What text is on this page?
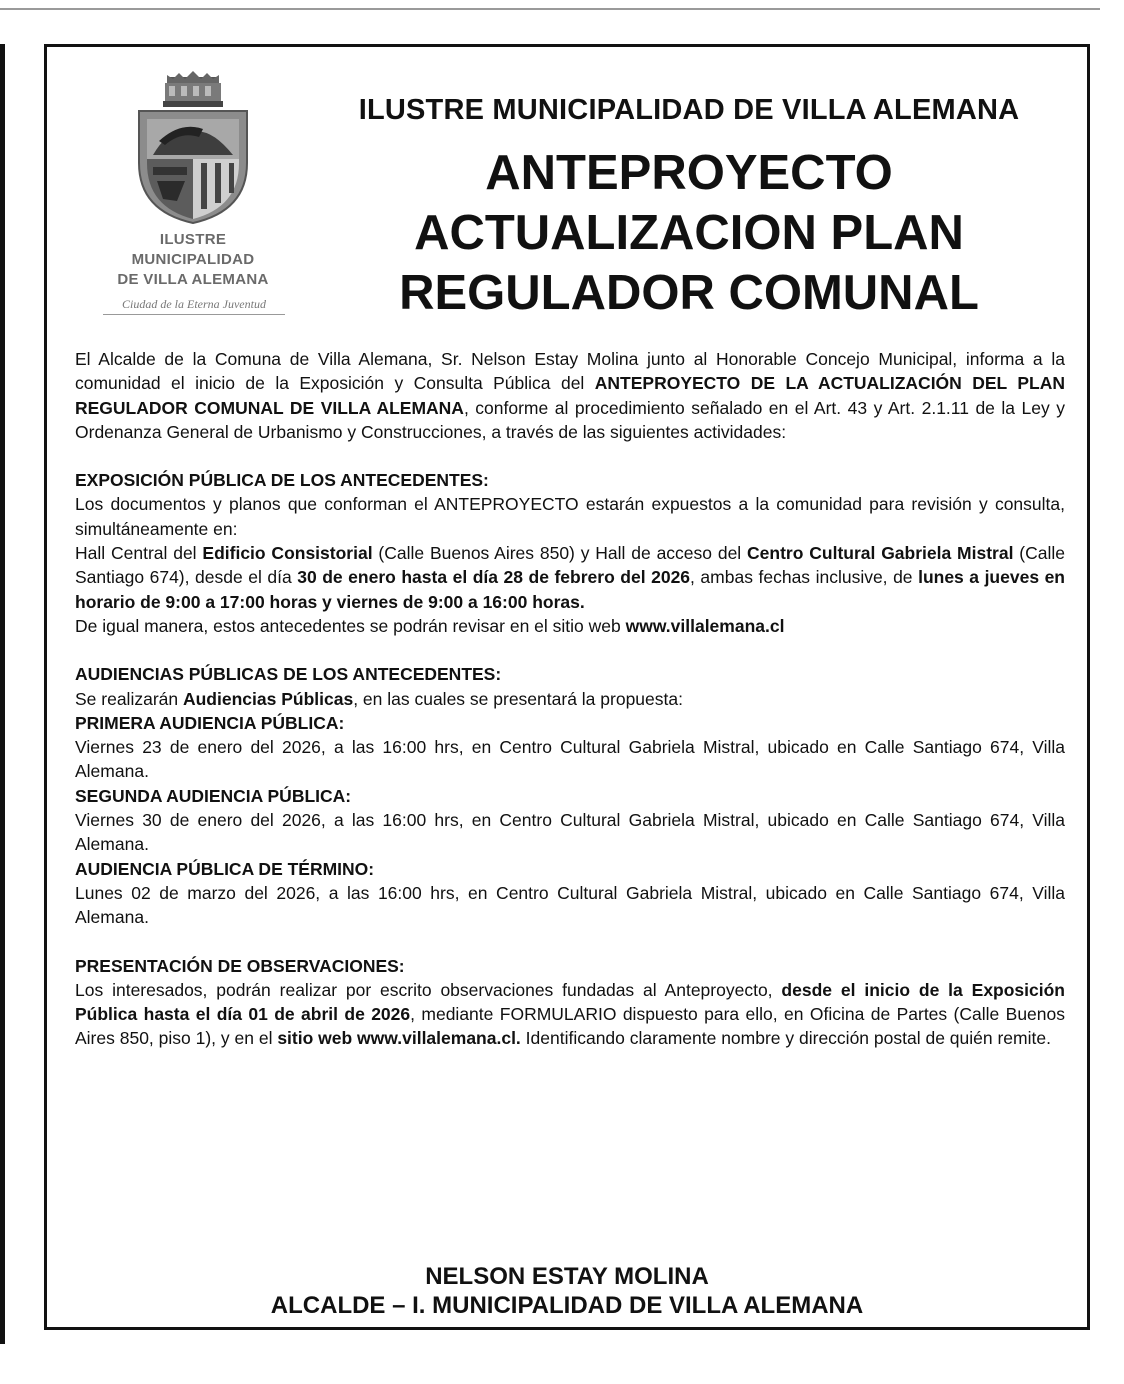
ILUSTRE
MUNICIPALIDAD
DE VILLA ALEMANA
Ciudad de la Eterna Juventud
ILUSTRE MUNICIPALIDAD DE VILLA ALEMANA
ANTEPROYECTO
ACTUALIZACION PLAN
REGULADOR COMUNAL

El Alcalde de la Comuna de Villa Alemana, Sr. Nelson Estay Molina junto al Honorable Concejo Municipal, informa a la comunidad el inicio de la Exposición y Consulta Pública del ANTEPROYECTO DE LA ACTUALIZACIÓN DEL PLAN REGULADOR COMUNAL DE VILLA ALEMANA, conforme al procedimiento señalado en el Art. 43 y Art. 2.1.11 de la Ley y Ordenanza General de Urbanismo y Construcciones, a través de las siguientes actividades:

EXPOSICIÓN PÚBLICA DE LOS ANTECEDENTES:

Los documentos y planos que conforman el ANTEPROYECTO estarán expuestos a la comunidad para revisión y consulta, simultáneamente en:

Hall Central del Edificio Consistorial (Calle Buenos Aires 850) y Hall de acceso del Centro Cultural Gabriela Mistral (Calle Santiago 674), desde el día 30 de enero hasta el día 28 de febrero del 2026, ambas fechas inclusive, de lunes a jueves en horario de 9:00 a 17:00 horas y viernes de 9:00 a 16:00 horas.

De igual manera, estos antecedentes se podrán revisar en el sitio web www.villalemana.cl

AUDIENCIAS PÚBLICAS DE LOS ANTECEDENTES:

Se realizarán Audiencias Públicas, en las cuales se presentará la propuesta:

PRIMERA AUDIENCIA PÚBLICA:

Viernes 23 de enero del 2026, a las 16:00 hrs, en Centro Cultural Gabriela Mistral, ubicado en Calle Santiago 674, Villa Alemana.

SEGUNDA AUDIENCIA PÚBLICA:

Viernes 30 de enero del 2026, a las 16:00 hrs, en Centro Cultural Gabriela Mistral, ubicado en Calle Santiago 674, Villa Alemana.

AUDIENCIA PÚBLICA DE TÉRMINO:

Lunes 02 de marzo del 2026, a las 16:00 hrs, en Centro Cultural Gabriela Mistral, ubicado en Calle Santiago 674, Villa Alemana.

PRESENTACIÓN DE OBSERVACIONES:

Los interesados, podrán realizar por escrito observaciones fundadas al Anteproyecto, desde el inicio de la Exposición Pública hasta el día 01 de abril de 2026, mediante FORMULARIO dispuesto para ello, en Oficina de Partes (Calle Buenos Aires 850, piso 1), y en el sitio web www.villalemana.cl. Identificando claramente nombre y dirección postal de quién remite.

NELSON ESTAY MOLINA
ALCALDE – I. MUNICIPALIDAD DE VILLA ALEMANA
